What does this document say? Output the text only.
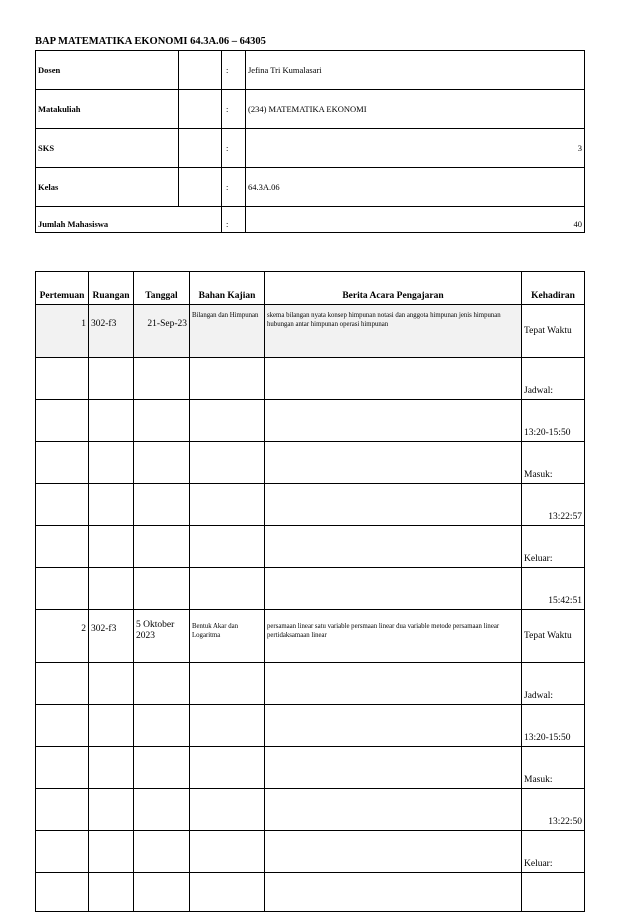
BAP MATEMATIKA EKONOMI 64.3A.06 – 64305
Dosen		:	Jefina Tri Kumalasari
Matakuliah		:	(234) MATEMATIKA EKONOMI
SKS		:	3
Kelas		:	64.3A.06
Jumlah Mahasiswa		:	40
Pertemuan	Ruangan	Tanggal	Bahan Kajian	Berita Acara Pengajaran	Kehadiran
1	302-f3	21-Sep-23	Bilangan dan Himpunan	skema bilangan nyata konsep himpunan notasi dan anggota himpunan jenis himpunan hubungan antar himpunan operasi himpunan	Tepat Waktu
					Jadwal:
					13:20-15:50
					Masuk:
					13:22:57
					Keluar:
					15:42:51
2	302-f3	5 Oktober 2023	Bentuk Akar dan Logaritma	persamaan linear satu variable persmaan linear dua variable metode persamaan linear pertidaksamaan linear	Tepat Waktu
					Jadwal:
					13:20-15:50
					Masuk:
					13:22:50
					Keluar:
